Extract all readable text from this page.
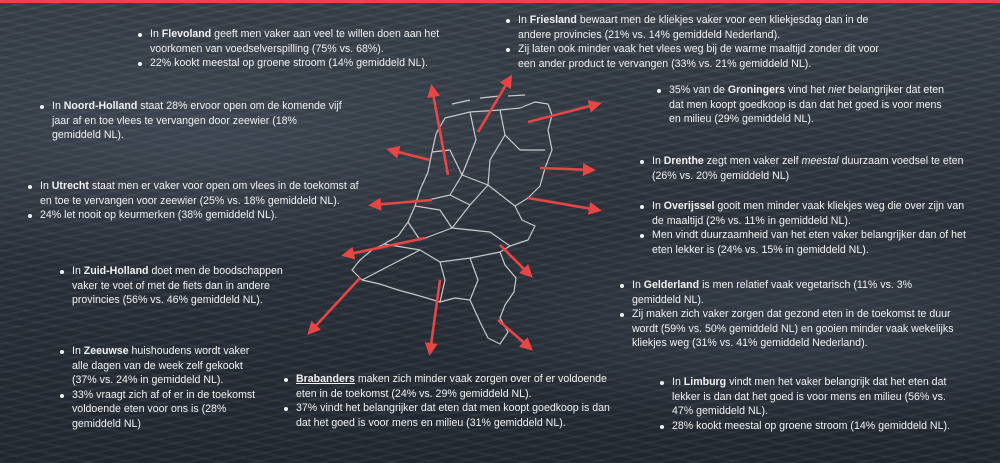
In Flevoland geeft men vaker aan veel te willen doen aan het voorkomen van voedselverspilling (75% vs. 68%).
22% kookt meestal op groene stroom (14% gemiddeld NL).
In Friesland bewaart men de kliekjes vaker voor een kliekjesdag dan in de andere provincies (21% vs. 14% gemiddeld Nederland).
Zij laten ook minder vaak het vlees weg bij de warme maaltijd zonder dit voor een ander product te vervangen (33% vs. 21% gemiddeld NL).
In Noord-Holland staat 28% ervoor open om de komende vijf jaar af en toe vlees te vervangen door zeewier (18% gemiddeld NL).
35% van de Groningers vind het niet belangrijker dat eten dat men koopt goedkoop is dan dat het goed is voor mens en milieu (29% gemiddeld NL).
In Drenthe zegt men vaker zelf meestal duurzaam voedsel te eten (26% vs. 20% gemiddeld NL)
In Utrecht staat men er vaker voor open om vlees in de toekomst af en toe te vervangen voor zeewier (25% vs. 18% gemiddeld NL).
24% let nooit op keurmerken (38% gemiddeld NL).
In Overijssel gooit men minder vaak kliekjes weg die over zijn van de maaltijd (2% vs. 11% in gemiddeld NL).
Men vindt duurzaamheid van het eten vaker belangrijker dan of het eten lekker is (24% vs. 15% in gemiddeld NL).
In Zuid-Holland doet men de boodschappen vaker te voet of met de fiets dan in andere provincies (56% vs. 46% gemiddeld NL).
In Gelderland is men relatief vaak vegetarisch (11% vs. 3% gemiddeld NL).
Zij maken zich vaker zorgen dat gezond eten in de toekomst te duur wordt (59% vs. 50% gemiddeld NL) en gooien minder vaak wekelijks kliekjes weg (31% vs. 41% gemiddeld Nederland).
In Zeeuwse huishoudens wordt vaker alle dagen van de week zelf gekookt (37% vs. 24% in gemiddeld NL).
33% vraagt zich af of er in de toekomst voldoende eten voor ons is (28% gemiddeld NL)
Brabanders maken zich minder vaak zorgen over of er voldoende eten in de toekomst (24% vs. 29% gemiddeld NL).
37% vindt het belangrijker dat eten dat men koopt goedkoop is dan dat het goed is voor mens en milieu (31% gemiddeld NL).
In Limburg vindt men het vaker belangrijk dat het eten dat lekker is dan dat het goed is voor mens en milieu (56% vs. 47% gemiddeld NL).
28% kookt meestal op groene stroom (14% gemiddeld NL).
